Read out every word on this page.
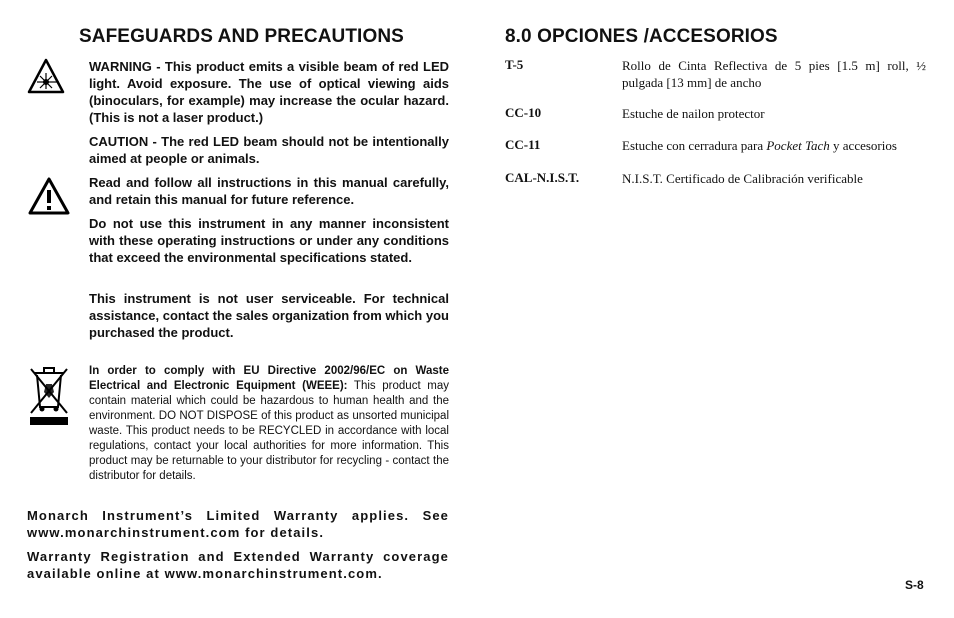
SAFEGUARDS AND PRECAUTIONS
WARNING - This product emits a visible beam of red LED light. Avoid exposure. The use of optical viewing aids (binoculars, for example) may increase the ocular hazard. (This is not a laser product.)
CAUTION - The red LED beam should not be intentionally aimed at people or animals.
Read and follow all instructions in this manual carefully, and retain this manual for future reference.
Do not use this instrument in any manner inconsistent with these operating instructions or under any conditions that exceed the environmental specifications stated.
This instrument is not user serviceable. For technical assistance, contact the sales organization from which you purchased the product.
In order to comply with EU Directive 2002/96/EC on Waste Electrical and Electronic Equipment (WEEE): This product may contain material which could be hazardous to human health and the environment. DO NOT DISPOSE of this product as unsorted municipal waste. This product needs to be RECYCLED in accordance with local regulations, contact your local authorities for more information. This product may be returnable to your distributor for recycling - contact the distributor for details.
Monarch Instrument’s Limited Warranty applies. See www.monarchinstrument.com for details.
Warranty Registration and Extended Warranty coverage available online at www.monarchinstrument.com.
8.0 OPCIONES /ACCESORIOS
T-5	Rollo de Cinta Reflectiva de 5 pies [1.5 m] roll, ½ pulgada [13 mm] de ancho
CC-10	Estuche de nailon protector
CC-11	Estuche con cerradura para Pocket Tach y accesorios
CAL-N.I.S.T.	N.I.S.T. Certificado de Calibración verificable
S-8
